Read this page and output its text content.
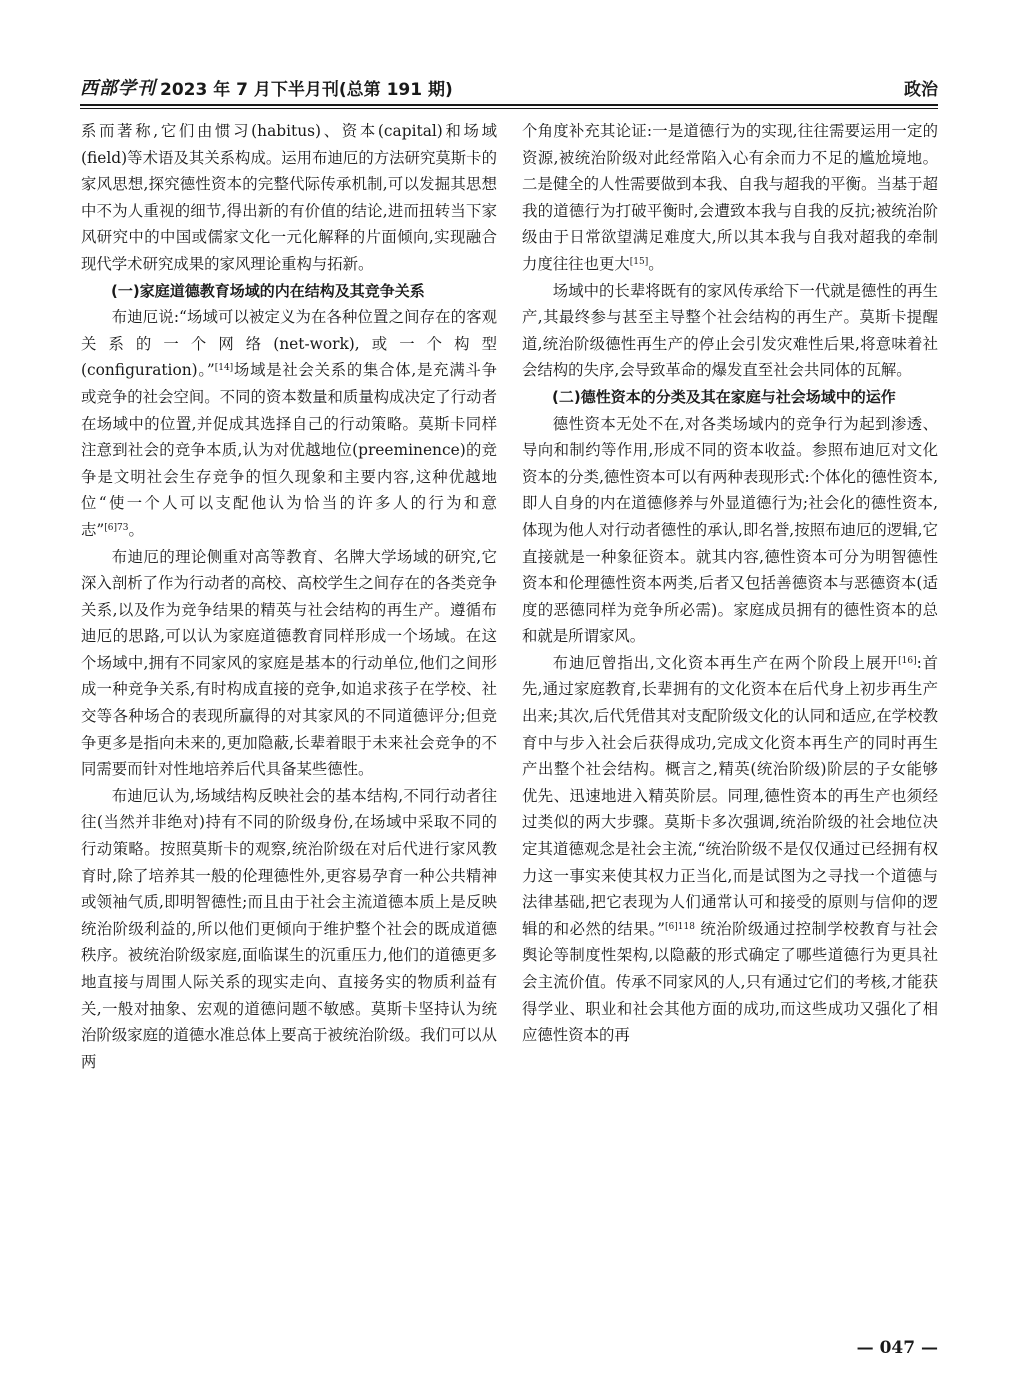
西部学刊 2023 年 7 月下半月刊(总第 191 期)	政治

系而著称,它们由惯习(habitus)、资本(capital)和场域(field)等术语及其关系构成。运用布迪厄的方法研究莫斯卡的家风思想,探究德性资本的完整代际传承机制,可以发掘其思想中不为人重视的细节,得出新的有价值的结论,进而扭转当下家风研究中的中国或儒家文化一元化解释的片面倾向,实现融合现代学术研究成果的家风理论重构与拓新。

(一)家庭道德教育场域的内在结构及其竞争关系

布迪厄说:“场域可以被定义为在各种位置之间存在的客观关系的一个网络(net-work),或一个构型(configuration)。”[14]场域是社会关系的集合体,是充满斗争或竞争的社会空间。不同的资本数量和质量构成决定了行动者在场域中的位置,并促成其选择自己的行动策略。莫斯卡同样注意到社会的竞争本质,认为对优越地位(preeminence)的竞争是文明社会生存竞争的恒久现象和主要内容,这种优越地位“使一个人可以支配他认为恰当的许多人的行为和意志”$^{[6]73}$。

布迪厄的理论侧重对高等教育、名牌大学场域的研究,它深入剖析了作为行动者的高校、高校学生之间存在的各类竞争关系,以及作为竞争结果的精英与社会结构的再生产。遵循布迪厄的思路,可以认为家庭道德教育同样形成一个场域。在这个场域中,拥有不同家风的家庭是基本的行动单位,他们之间形成一种竞争关系,有时构成直接的竞争,如追求孩子在学校、社交等各种场合的表现所赢得的对其家风的不同道德评分;但竞争更多是指向未来的,更加隐蔽,长辈着眼于未来社会竞争的不同需要而针对性地培养后代具备某些德性。

布迪厄认为,场域结构反映社会的基本结构,不同行动者往往(当然并非绝对)持有不同的阶级身份,在场域中采取不同的行动策略。按照莫斯卡的观察,统治阶级在对后代进行家风教育时,除了培养其一般的伦理德性外,更容易孕育一种公共精神或领袖气质,即明智德性;而且由于社会主流道德本质上是反映统治阶级利益的,所以他们更倾向于维护整个社会的既成道德秩序。被统治阶级家庭,面临谋生的沉重压力,他们的道德更多地直接与周围人际关系的现实走向、直接务实的物质利益有关,一般对抽象、宏观的道德问题不敏感。莫斯卡坚持认为统治阶级家庭的道德水准总体上要高于被统治阶级。我们可以从两

个角度补充其论证:一是道德行为的实现,往往需要运用一定的资源,被统治阶级对此经常陷入心有余而力不足的尴尬境地。二是健全的人性需要做到本我、自我与超我的平衡。当基于超我的道德行为打破平衡时,会遭致本我与自我的反抗;被统治阶级由于日常欲望满足难度大,所以其本我与自我对超我的牵制力度往往也更大[15]。

场域中的长辈将既有的家风传承给下一代就是德性的再生产,其最终参与甚至主导整个社会结构的再生产。莫斯卡提醒道,统治阶级德性再生产的停止会引发灾难性后果,将意味着社会结构的失序,会导致革命的爆发直至社会共同体的瓦解。

(二)德性资本的分类及其在家庭与社会场域中的运作

德性资本无处不在,对各类场域内的竞争行为起到渗透、导向和制约等作用,形成不同的资本收益。参照布迪厄对文化资本的分类,德性资本可以有两种表现形式:个体化的德性资本,即人自身的内在道德修养与外显道德行为;社会化的德性资本,体现为他人对行动者德性的承认,即名誉,按照布迪厄的逻辑,它直接就是一种象征资本。就其内容,德性资本可分为明智德性资本和伦理德性资本两类,后者又包括善德资本与恶德资本(适度的恶德同样为竞争所必需)。家庭成员拥有的德性资本的总和就是所谓家风。

布迪厄曾指出,文化资本再生产在两个阶段上展开[16]:首先,通过家庭教育,长辈拥有的文化资本在后代身上初步再生产出来;其次,后代凭借其对支配阶级文化的认同和适应,在学校教育中与步入社会后获得成功,完成文化资本再生产的同时再生产出整个社会结构。概言之,精英(统治阶级)阶层的子女能够优先、迅速地进入精英阶层。同理,德性资本的再生产也须经过类似的两大步骤。莫斯卡多次强调,统治阶级的社会地位决定其道德观念是社会主流,“统治阶级不是仅仅通过已经拥有权力这一事实来使其权力正当化,而是试图为之寻找一个道德与法律基础,把它表现为人们通常认可和接受的原则与信仰的逻辑的和必然的结果。”$^{[6]118}$ 统治阶级通过控制学校教育与社会舆论等制度性架构,以隐蔽的形式确定了哪些道德行为更具社会主流价值。传承不同家风的人,只有通过它们的考核,才能获得学业、职业和社会其他方面的成功,而这些成功又强化了相应德性资本的再

— 047 —
